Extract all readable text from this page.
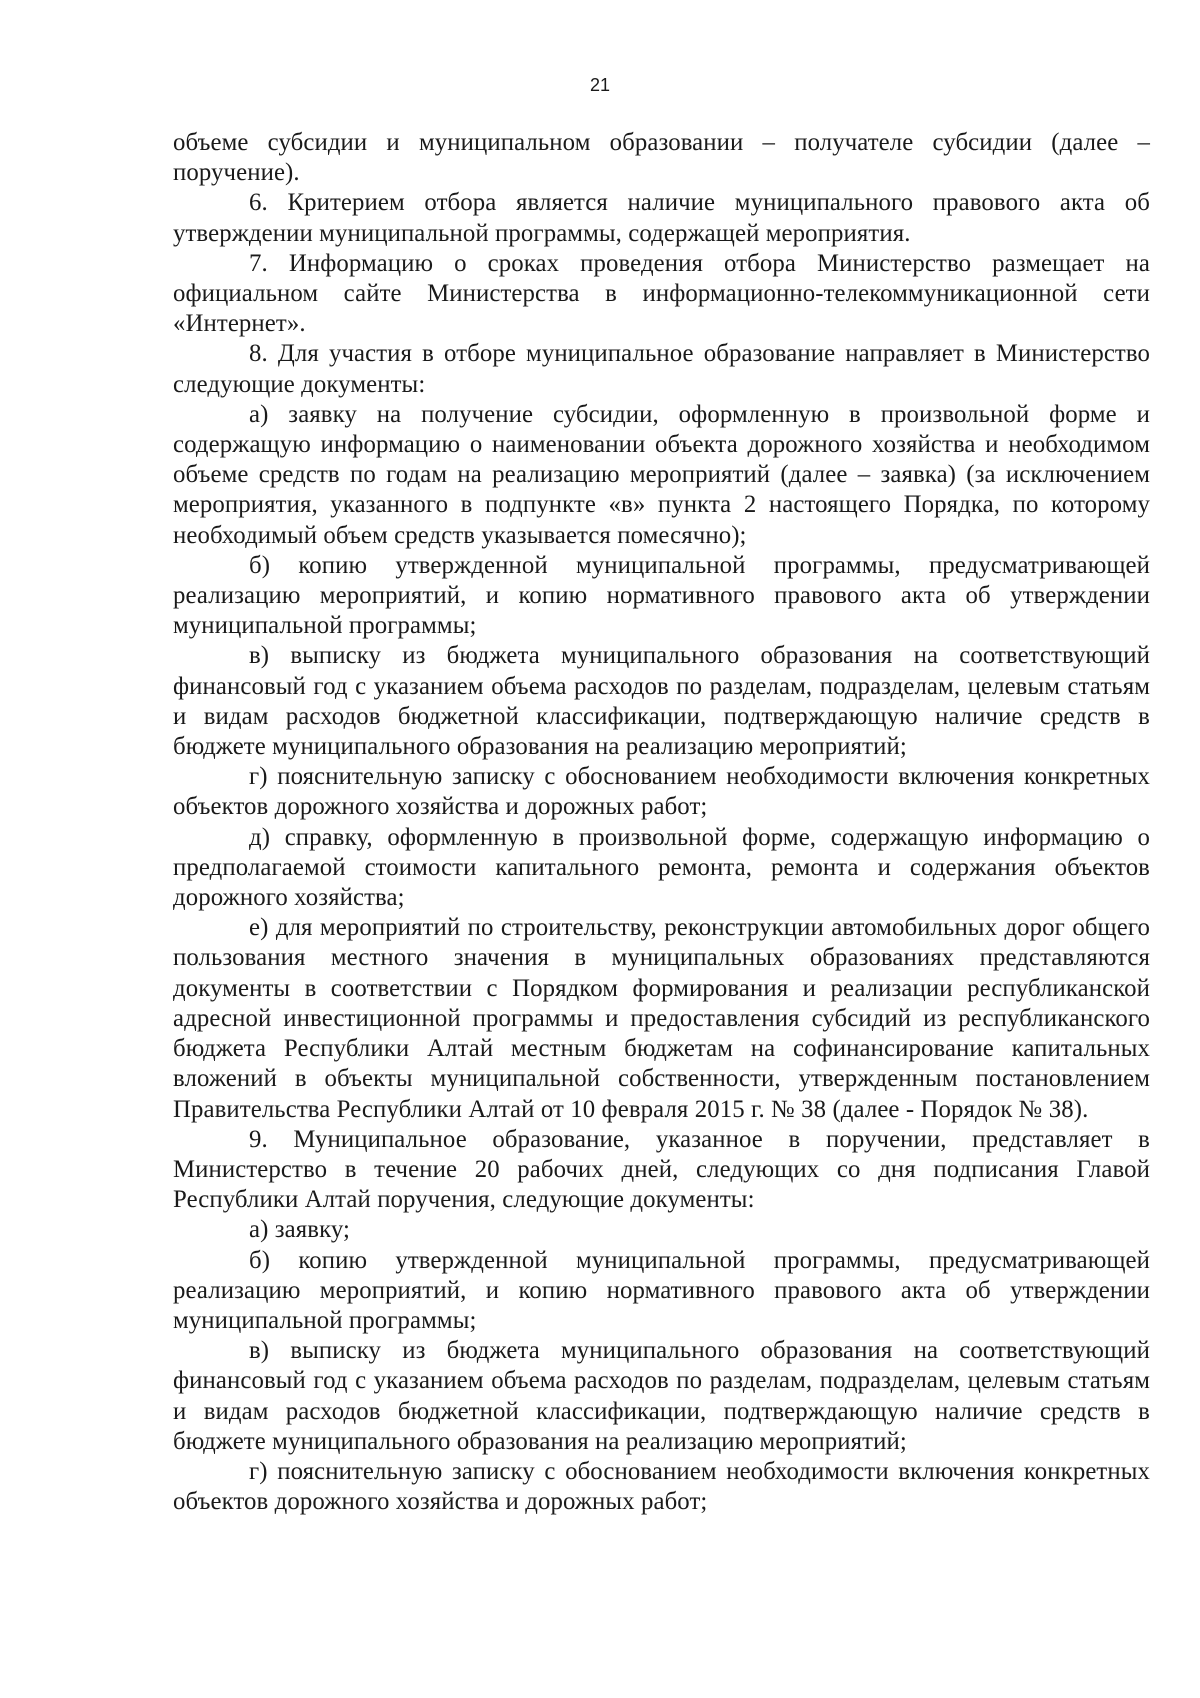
21

объеме субсидии и муниципальном образовании – получателе субсидии (далее – поручение).

6. Критерием отбора является наличие муниципального правового акта об утверждении муниципальной программы, содержащей мероприятия.

7. Информацию о сроках проведения отбора Министерство размещает на официальном сайте Министерства в информационно-телекоммуникационной сети «Интернет».

8. Для участия в отборе муниципальное образование направляет в Министерство следующие документы:

а) заявку на получение субсидии, оформленную в произвольной форме и содержащую информацию о наименовании объекта дорожного хозяйства и необходимом объеме средств по годам на реализацию мероприятий (далее – заявка) (за исключением мероприятия, указанного в подпункте «в» пункта 2 настоящего Порядка, по которому необходимый объем средств указывается помесячно);

б) копию утвержденной муниципальной программы, предусматривающей реализацию мероприятий, и копию нормативного правового акта об утверждении муниципальной программы;

в) выписку из бюджета муниципального образования на соответствующий финансовый год с указанием объема расходов по разделам, подразделам, целевым статьям и видам расходов бюджетной классификации, подтверждающую наличие средств в бюджете муниципального образования на реализацию мероприятий;

г) пояснительную записку с обоснованием необходимости включения конкретных объектов дорожного хозяйства и дорожных работ;

д) справку, оформленную в произвольной форме, содержащую информацию о предполагаемой стоимости капитального ремонта, ремонта и содержания объектов дорожного хозяйства;

е) для мероприятий по строительству, реконструкции автомобильных дорог общего пользования местного значения в муниципальных образованиях представляются документы в соответствии с Порядком формирования и реализации республиканской адресной инвестиционной программы и предоставления субсидий из республиканского бюджета Республики Алтай местным бюджетам на софинансирование капитальных вложений в объекты муниципальной собственности, утвержденным постановлением Правительства Республики Алтай от 10 февраля 2015 г. № 38 (далее - Порядок № 38).

9. Муниципальное образование, указанное в поручении, представляет в Министерство в течение 20 рабочих дней, следующих со дня подписания Главой Республики Алтай поручения, следующие документы:

а) заявку;

б) копию утвержденной муниципальной программы, предусматривающей реализацию мероприятий, и копию нормативного правового акта об утверждении муниципальной программы;

в) выписку из бюджета муниципального образования на соответствующий финансовый год с указанием объема расходов по разделам, подразделам, целевым статьям и видам расходов бюджетной классификации, подтверждающую наличие средств в бюджете муниципального образования на реализацию мероприятий;

г) пояснительную записку с обоснованием необходимости включения конкретных объектов дорожного хозяйства и дорожных работ;
